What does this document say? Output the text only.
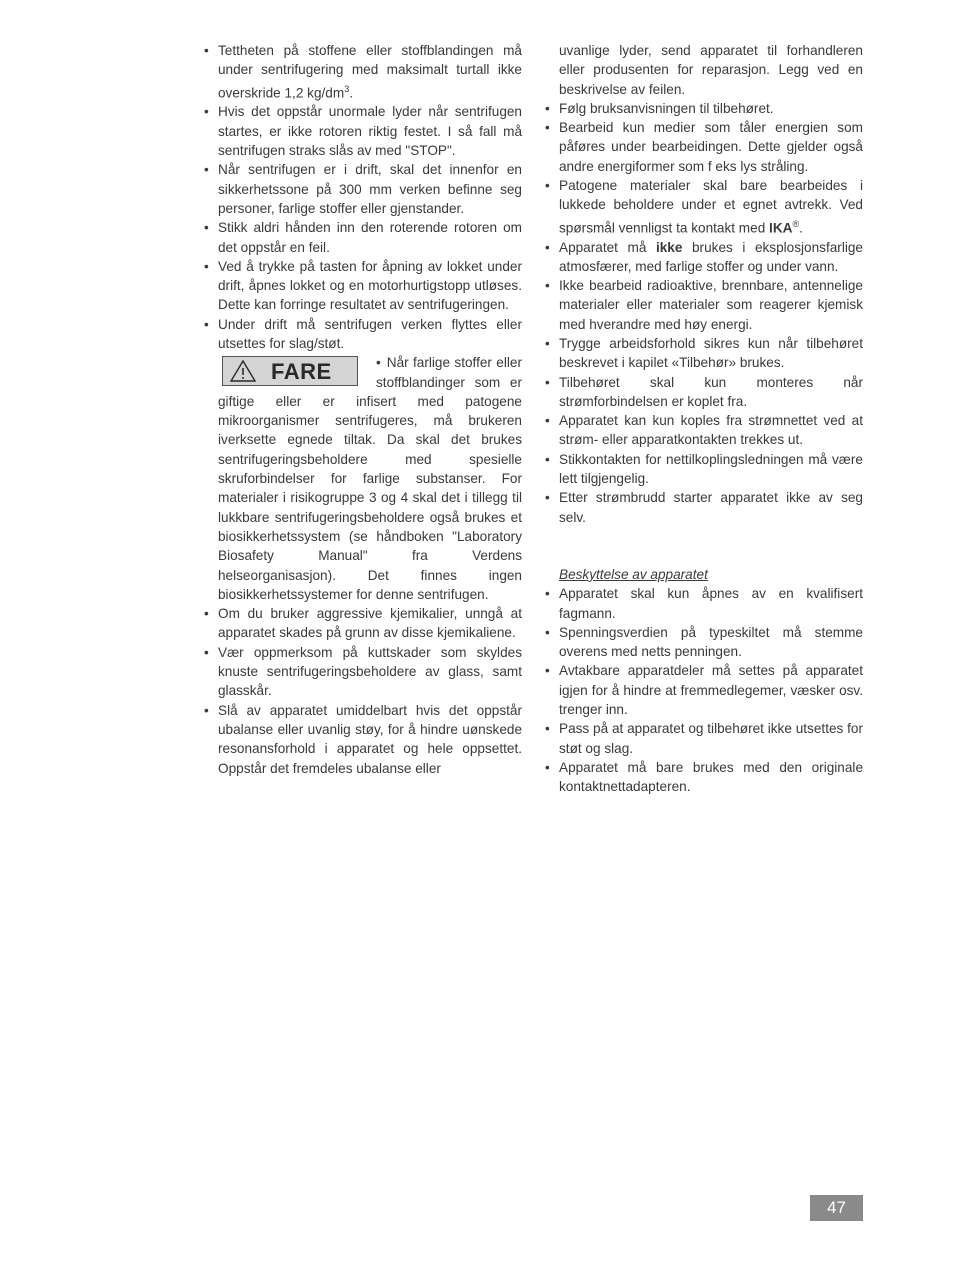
• Tettheten på stoffene eller stoffblandingen må under sentrifugering med maksimalt turtall ikke overskride 1,2 $kg/dm^3$.

• Hvis det oppstår unormale lyder når sentrifugen startes, er ikke rotoren riktig festet. I så fall må sentrifugen straks slås av med "STOP".

• Når sentrifugen er i drift, skal det innenfor en sikkerhetssone på 300 mm verken befinne seg personer, farlige stoffer eller gjenstander.

• Stikk aldri hånden inn den roterende rotoren om det oppstår en feil.

• Ved å trykke på tasten for åpning av lokket under drift, åpnes lokket og en motorhurtigstopp utløses. Dette kan forringe resultatet av sentrifugeringen.

• Under drift må sentrifugen verken flyttes eller utsettes for slag/støt.

FARE	• Når farlige stoffer eller stoffblandinger som er giftige eller er infisert med patogene mikroorganismer sentrifugeres, må brukeren iverksette egnede tiltak. Da skal det brukes sentrifugeringsbeholdere med spesielle skruforbindelser for farlige substanser. For materialer i risikogruppe 3 og 4 skal det i tillegg til lukkbare sentrifugeringsbeholdere også brukes et biosikkerhetssystem (se håndboken "Laboratory Biosafety Manual" fra Verdens helseorganisasjon). Det finnes ingen biosikkerhetssystemer for denne sentrifugen.

• Om du bruker aggressive kjemikalier, unngå at apparatet skades på grunn av disse kjemikaliene.

• Vær oppmerksom på kuttskader som skyldes knuste sentrifugeringsbeholdere av glass, samt glasskår.

• Slå av apparatet umiddelbart hvis det oppstår ubalanse eller uvanlig støy, for å hindre uønskede resonansforhold i apparatet og hele oppsettet. Oppstår det fremdeles ubalanse eller

uvanlige lyder, send apparatet til forhandleren eller produsenten for reparasjon. Legg ved en beskrivelse av feilen.

• Følg bruksanvisningen til tilbehøret.

• Bearbeid kun medier som tåler energien som påføres under bearbeidingen. Dette gjelder også andre energiformer som f eks lys stråling.

• Patogene materialer skal bare bearbeides i lukkede beholdere under et egnet avtrekk. Ved spørsmål vennligst ta kontakt med IKA®.

• Apparatet må ikke brukes i eksplosjonsfarlige atmosfærer, med farlige stoffer og under vann.

• Ikke bearbeid radioaktive, brennbare, antennelige materialer eller materialer som reagerer kjemisk med hverandre med høy energi.

• Trygge arbeidsforhold sikres kun når tilbehøret beskrevet i kapilet «Tilbehør» brukes.

• Tilbehøret skal kun monteres når strømforbindelsen er koplet fra.

• Apparatet kan kun koples fra strømnettet ved at strøm- eller apparatkontakten trekkes ut.

• Stikkontakten for nettilkoplingsledningen må være lett tilgjengelig.

• Etter strømbrudd starter apparatet ikke av seg selv.

Beskyttelse av apparatet

• Apparatet skal kun åpnes av en kvalifisert fagmann.

• Spenningsverdien på typeskiltet må stemme overens med netts penningen.

• Avtakbare apparatdeler må settes på apparatet igjen for å hindre at fremmedlegemer, væsker osv. trenger inn.

• Pass på at apparatet og tilbehøret ikke utsettes for støt og slag.

• Apparatet må bare brukes med den originale kontaktnettadapteren.

47
